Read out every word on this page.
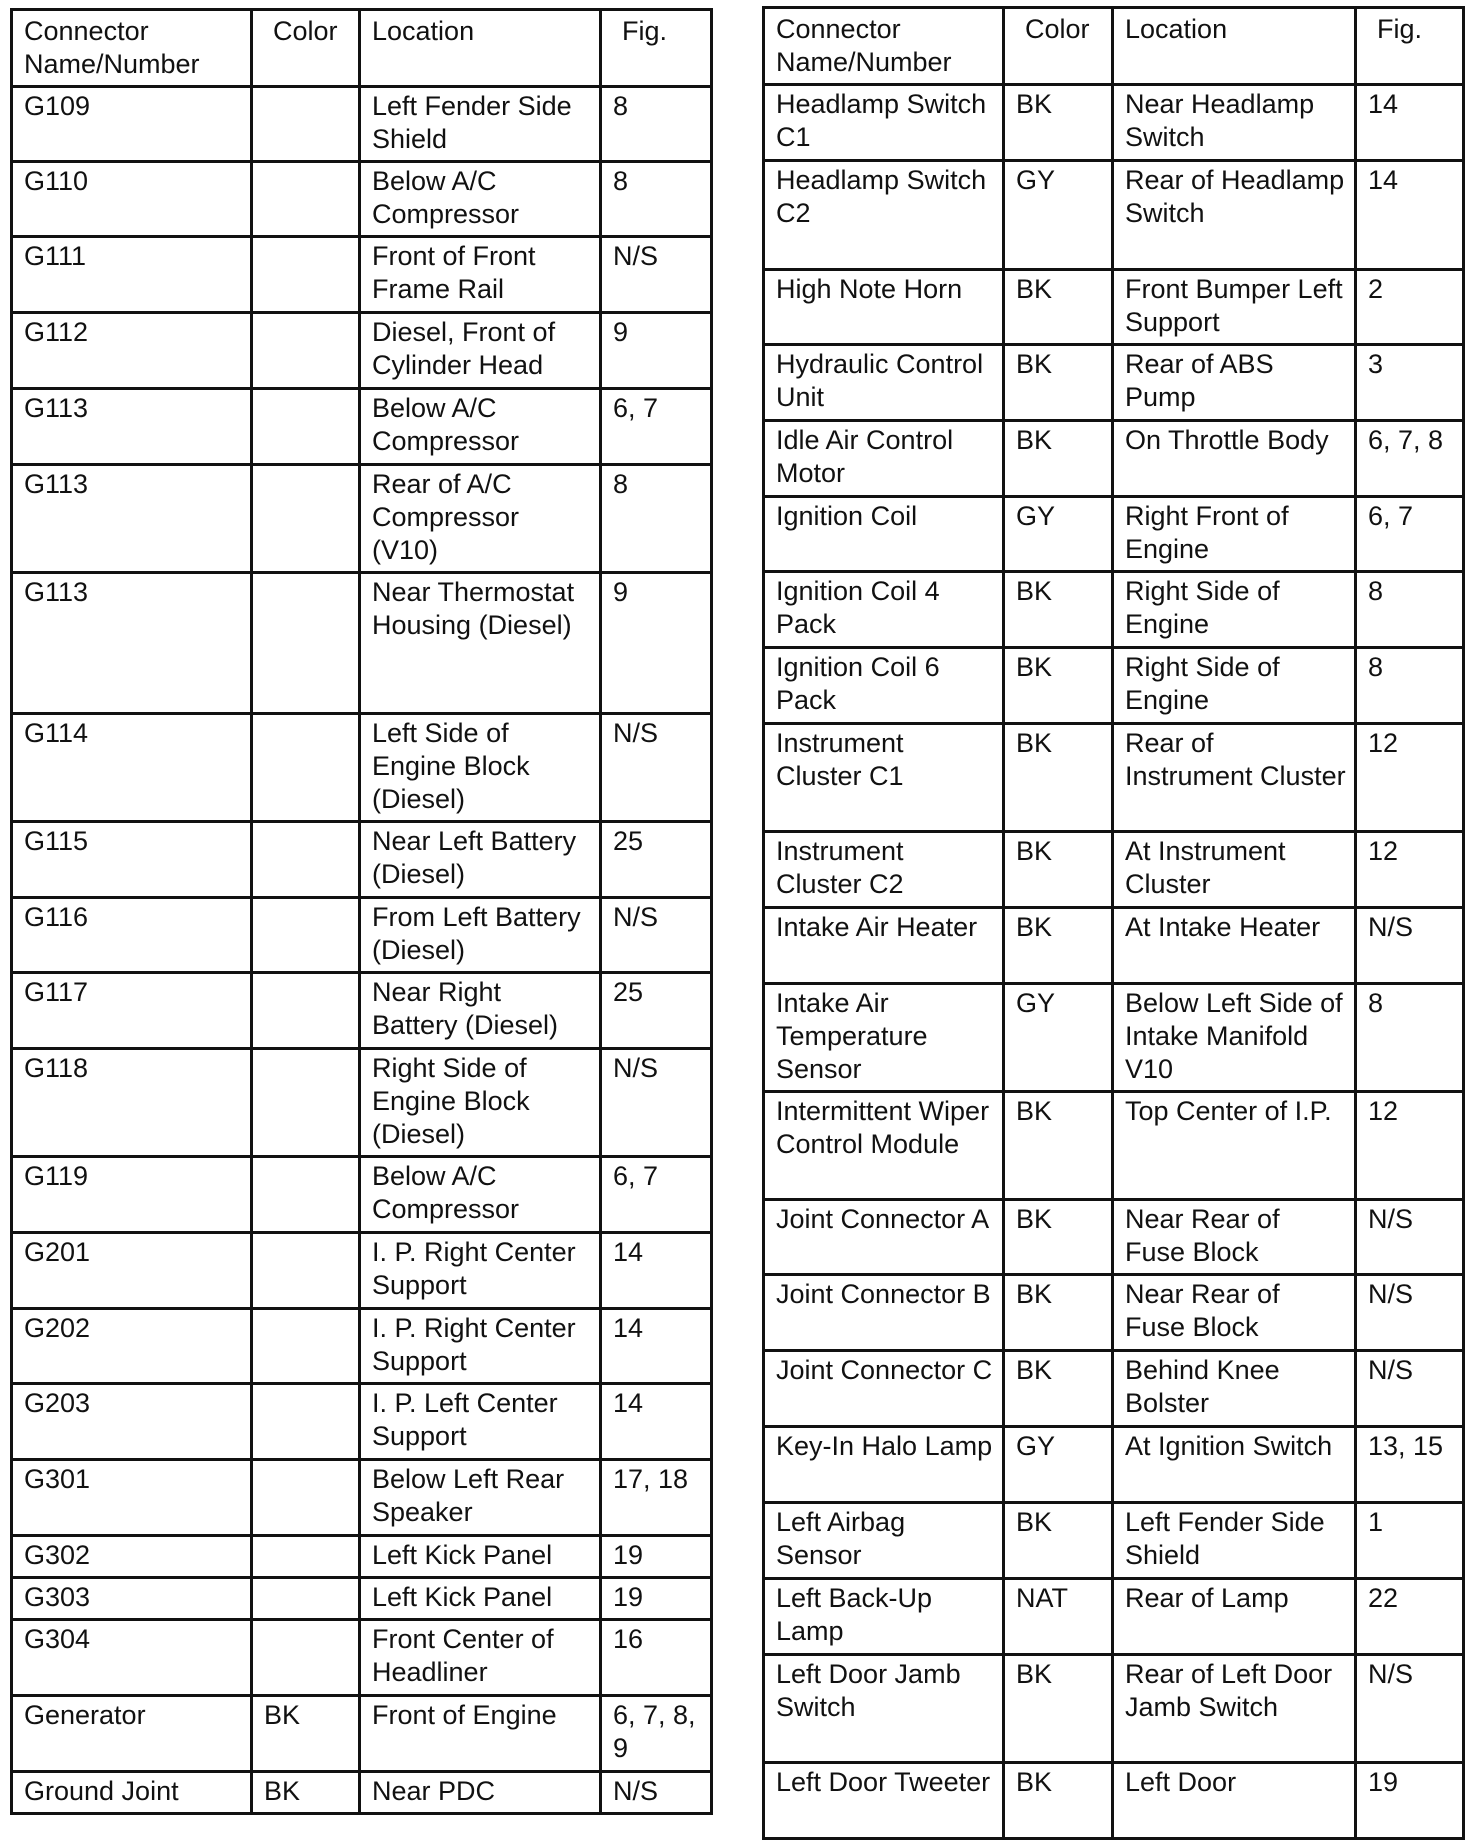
Connector Name/Number	Color	Location	Fig.
G109		Left Fender Side Shield	8
G110		Below A/C Compressor	8
G111		Front of Front Frame Rail	N/S
G112		Diesel, Front of Cylinder Head	9
G113		Below A/C Compressor	6, 7
G113		Rear of A/C Compressor (V10)	8
G113		Near Thermostat Housing (Diesel)	9
G114		Left Side of Engine Block (Diesel)	N/S
G115		Near Left Battery (Diesel)	25
G116		From Left Battery (Diesel)	N/S
G117		Near Right Battery (Diesel)	25
G118		Right Side of Engine Block (Diesel)	N/S
G119		Below A/C Compressor	6, 7
G201		I. P. Right Center Support	14
G202		I. P. Right Center Support	14
G203		I. P. Left Center Support	14
G301		Below Left Rear Speaker	17, 18
G302		Left Kick Panel	19
G303		Left Kick Panel	19
G304		Front Center of Headliner	16
Generator	BK	Front of Engine	6, 7, 8, 9
Ground Joint	BK	Near PDC	N/S
Connector Name/Number	Color	Location	Fig.
Headlamp Switch C1	BK	Near Headlamp Switch	14
Headlamp Switch C2	GY	Rear of Headlamp Switch	14
High Note Horn	BK	Front Bumper Left Support	2
Hydraulic Control Unit	BK	Rear of ABS Pump	3
Idle Air Control Motor	BK	On Throttle Body	6, 7, 8
Ignition Coil	GY	Right Front of Engine	6, 7
Ignition Coil 4 Pack	BK	Right Side of Engine	8
Ignition Coil 6 Pack	BK	Right Side of Engine	8
Instrument Cluster C1	BK	Rear of Instrument Cluster	12
Instrument Cluster C2	BK	At Instrument Cluster	12
Intake Air Heater	BK	At Intake Heater	N/S
Intake Air Temperature Sensor	GY	Below Left Side of Intake Manifold V10	8
Intermittent Wiper Control Module	BK	Top Center of I.P.	12
Joint Connector A	BK	Near Rear of Fuse Block	N/S
Joint Connector B	BK	Near Rear of Fuse Block	N/S
Joint Connector C	BK	Behind Knee Bolster	N/S
Key-In Halo Lamp	GY	At Ignition Switch	13, 15
Left Airbag Sensor	BK	Left Fender Side Shield	1
Left Back-Up Lamp	NAT	Rear of Lamp	22
Left Door Jamb Switch	BK	Rear of Left Door Jamb Switch	N/S
Left Door Tweeter	BK	Left Door	19
